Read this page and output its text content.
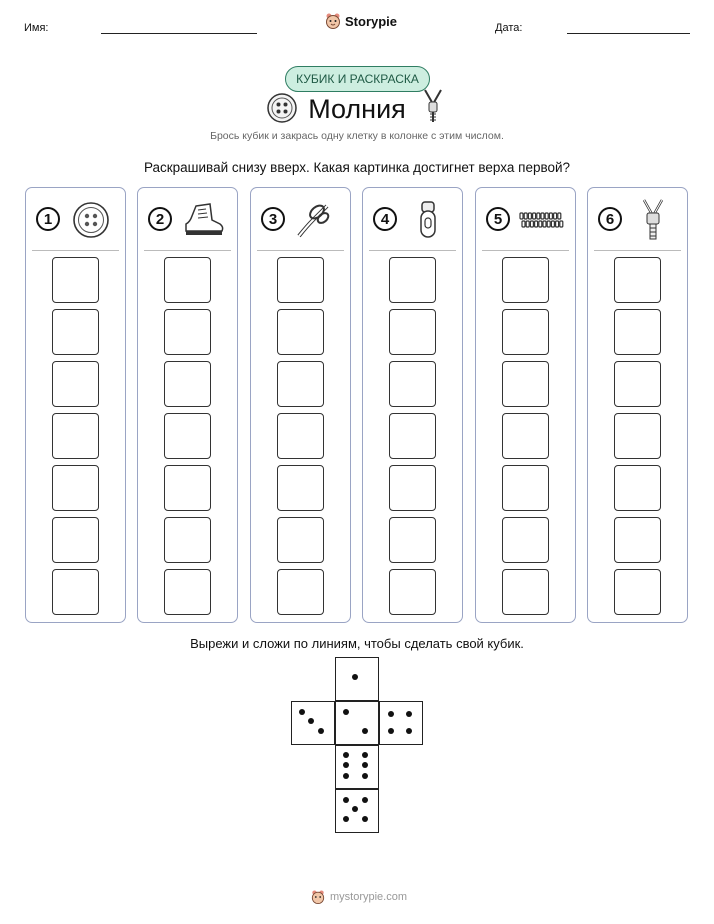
Имя:	Storypie	Дата:
КУБИК И РАСКРАСКА
Молния
Брось кубик и закрась одну клетку в колонке с этим числом.
Раскрашивай снизу вверх. Какая картинка достигнет верха первой?
1	2	3	4	5	6
Вырежи и сложи по линиям, чтобы сделать свой кубик.
mystorypie.com
